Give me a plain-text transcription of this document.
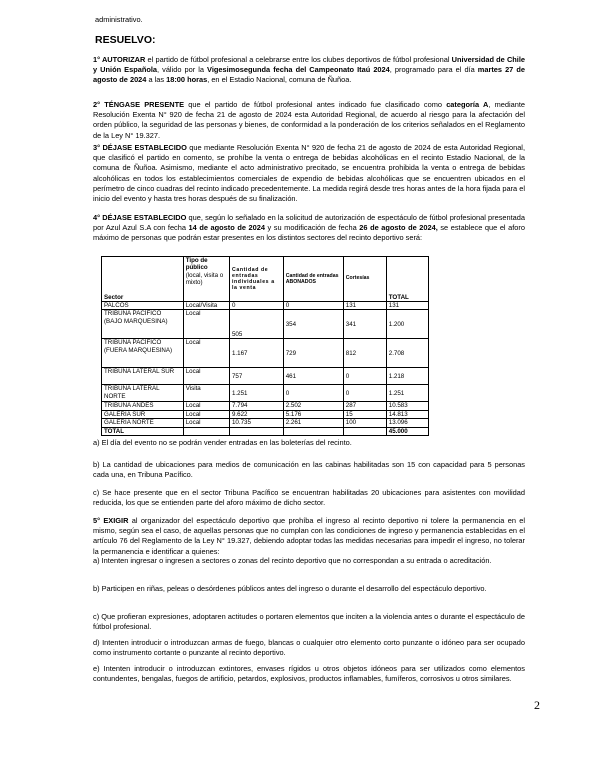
administrativo.
RESUELVO:
1° AUTORIZAR el partido de fútbol profesional a celebrarse entre los clubes deportivos de fútbol profesional Universidad de Chile y Unión Española, válido por la Vigesimosegunda fecha del Campeonato Itaú 2024, programado para el día martes 27 de agosto de 2024 a las 18:00 horas, en el Estadio Nacional, comuna de Ñuñoa.
2° TÉNGASE PRESENTE que el partido de fútbol profesional antes indicado fue clasificado como categoría A, mediante Resolución Exenta N° 920 de fecha 21 de agosto de 2024 esta Autoridad Regional, de acuerdo al riesgo para la afectación del orden público, la seguridad de las personas y bienes, de conformidad a la ponderación de los criterios señalados en el Reglamento de la Ley N° 19.327.
3° DÉJASE ESTABLECIDO que mediante Resolución Exenta N° 920 de fecha 21 de agosto de 2024 de esta Autoridad Regional, que clasificó el partido en comento, se prohíbe la venta o entrega de bebidas alcohólicas en el recinto Estadio Nacional, de la comuna de Ñuñoa. Asimismo, mediante el acto administrativo precitado, se encuentra prohibida la venta o entrega de bebidas alcohólicas en todos los establecimientos comerciales de expendio de bebidas alcohólicas que se encuentren ubicados en el perímetro de cinco cuadras del recinto indicado precedentemente. La medida regirá desde tres horas antes de la hora fijada para el inicio del evento y hasta tres horas después de su finalización.
4° DÉJASE ESTABLECIDO que, según lo señalado en la solicitud de autorización de espectáculo de fútbol profesional presentada por Azul Azul S.A con fecha 14 de agosto de 2024 y su modificación de fecha 26 de agosto de 2024, se establece que el aforo máximo de personas que podrán estar presentes en los distintos sectores del recinto deportivo será:
Sector	Tipo de público
(local, visita o mixto)	Cantidad de entradas individuales a la venta	Cantidad de entradas ABONADOS	Cortesías	TOTAL
PALCOS	Local/Visita	0	0	131	131
TRIBUNA PACÍFICO (BAJO MARQUESINA)	Local	505	354	341	1.200
TRIBUNA PACÍFICO (FUERA MARQUESINA)	Local	1.167	729	812	2.708
TRIBUNA LATERAL SUR	Local	757	461	0	1.218
TRIBUNA LATERAL NORTE	Visita	1.251	0	0	1.251
TRIBUNA ANDES	Local	7.794	2.502	287	10.583
GALERIA SUR	Local	9.622	5.176	15	14.813
GALERIA NORTE	Local	10.735	2.261	100	13.096
TOTAL					45.000
a) El día del evento no se podrán vender entradas en las boleterías del recinto.
b) La cantidad de ubicaciones para medios de comunicación en las cabinas habilitadas son 15 con capacidad para 5 personas cada una, en Tribuna Pacífico.
c) Se hace presente que en el sector Tribuna Pacífico se encuentran habilitadas 20 ubicaciones para asistentes con movilidad reducida, los que se entienden parte del aforo máximo de dicho sector.
5° EXIGIR al organizador del espectáculo deportivo que prohíba el ingreso al recinto deportivo ni tolere la permanencia en el mismo, según sea el caso, de aquellas personas que no cumplan con las condiciones de ingreso y permanencia establecidas en el artículo 76 del Reglamento de la Ley N° 19.327, debiendo adoptar todas las medidas necesarias para impedir el ingreso, no tolerar la permanencia e identificar a quienes:
a) Intenten ingresar o ingresen a sectores o zonas del recinto deportivo que no correspondan a su entrada o acreditación.
b) Participen en riñas, peleas o desórdenes públicos antes del ingreso o durante el desarrollo del espectáculo deportivo.
c) Que profieran expresiones, adoptaren actitudes o portaren elementos que inciten a la violencia antes o durante el espectáculo de fútbol profesional.
d) Intenten introducir o introduzcan armas de fuego, blancas o cualquier otro elemento corto punzante o idóneo para ser ocupado como instrumento cortante o punzante al recinto deportivo.
e) Intenten introducir o introduzcan extintores, envases rígidos u otros objetos idóneos para ser utilizados como elementos contundentes, bengalas, fuegos de artificio, petardos, explosivos, productos inflamables, fumíferos, corrosivos u otros similares.
2
